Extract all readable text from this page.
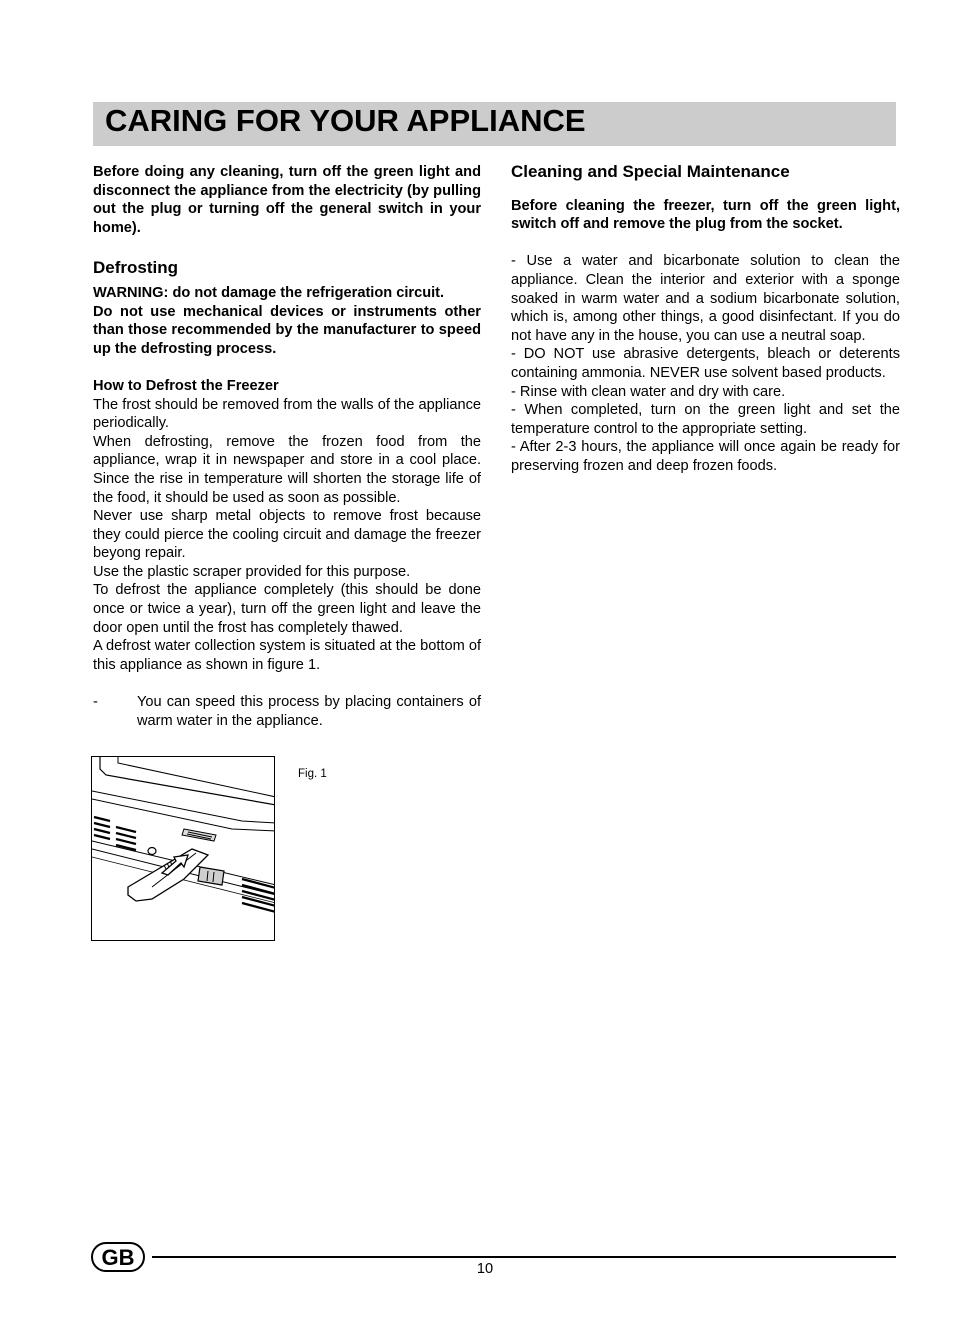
CARING FOR YOUR APPLIANCE

Before doing any cleaning, turn off the green light and disconnect the appliance from the electricity (by pulling out the plug or turning off the general switch in your home).

Defrosting

WARNING: do not damage the refrigeration circuit.

Do not use mechanical devices or instruments other than those recommended by the manufacturer to speed up the defrosting process.

How to Defrost the Freezer

The frost should be removed from the walls of the appliance periodically.

When defrosting, remove the frozen food from the appliance, wrap it in newspaper and store in a cool place. Since the rise in temperature will shorten the storage life of the food, it should be used as soon as possible.

Never use sharp metal objects to remove frost because they could pierce the cooling circuit and damage the freezer beyong repair.

Use the plastic scraper provided for this purpose.

To defrost the appliance completely (this should be done once or twice a year), turn off the green light and leave the door open until the frost has completely thawed.

A defrost water collection system is situated at the bottom of this appliance as shown in figure 1.

-	You can speed this process by placing containers of warm water in the appliance.
Fig. 1

Cleaning and Special Maintenance

Before cleaning the freezer, turn off the green light, switch off and remove the plug from the socket.

- Use a water and bicarbonate solution to clean the appliance. Clean the interior and exterior with a sponge soaked in warm water and a sodium bicarbonate solution, which is, among other things, a good disinfectant. If you do not have any in the house, you can use a neutral soap.

- DO NOT use abrasive detergents, bleach or deterents containing ammonia. NEVER use solvent based products.

- Rinse with clean water and dry with care.

- When completed, turn on the green light and set the temperature control to the appropriate setting.

- After 2-3 hours, the appliance will once again be ready for preserving frozen and deep frozen foods.

GB	10
